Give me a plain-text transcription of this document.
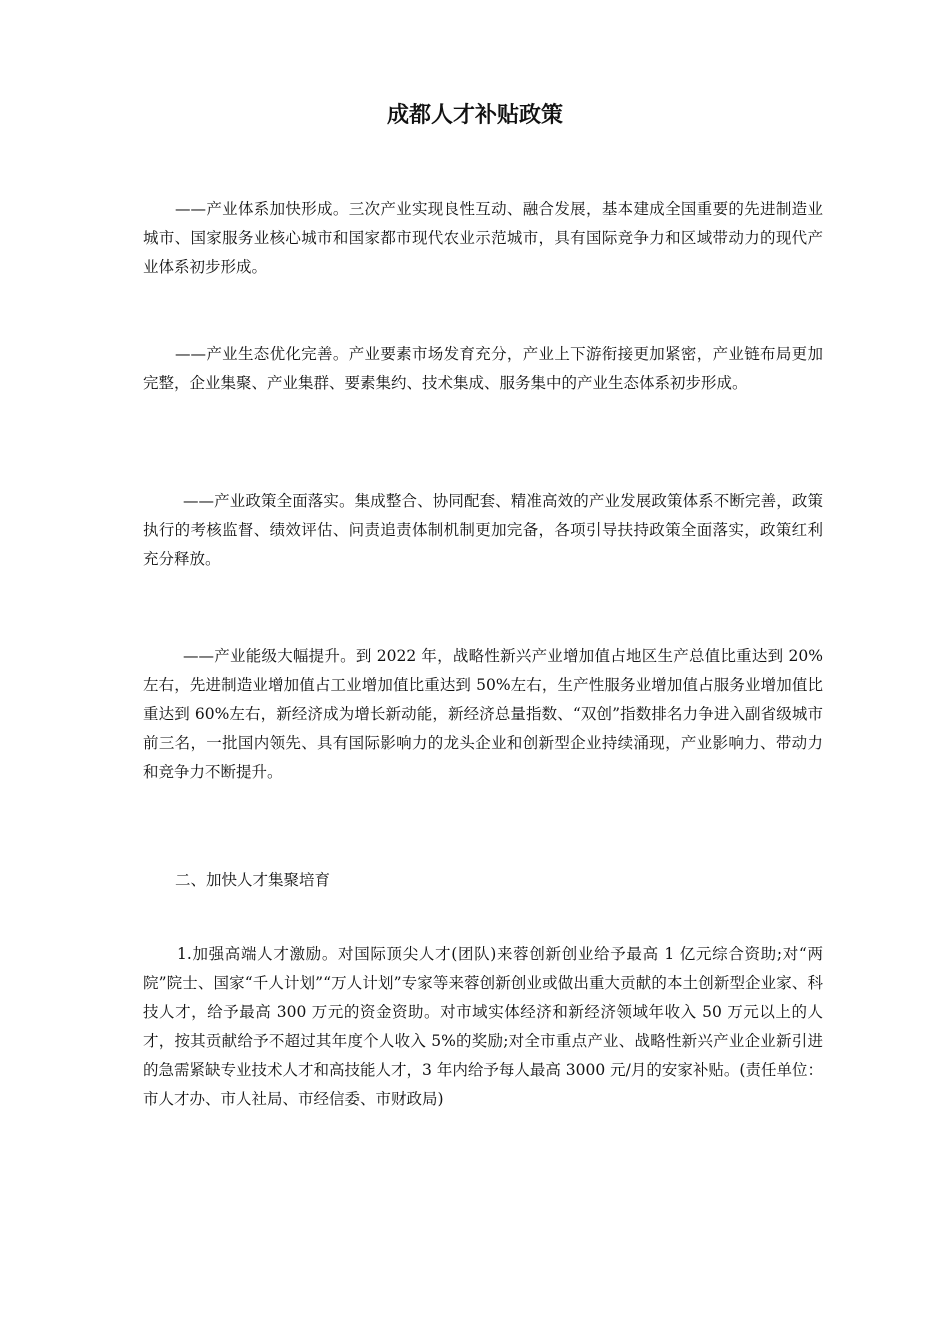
成都人才补贴政策

——产业体系加快形成。三次产业实现良性互动、融合发展，基本建成全国重要的先进制造业城市、国家服务业核心城市和国家都市现代农业示范城市，具有国际竞争力和区域带动力的现代产业体系初步形成。

——产业生态优化完善。产业要素市场发育充分，产业上下游衔接更加紧密，产业链布局更加完整，企业集聚、产业集群、要素集约、技术集成、服务集中的产业生态体系初步形成。

——产业政策全面落实。集成整合、协同配套、精准高效的产业发展政策体系不断完善，政策执行的考核监督、绩效评估、问责追责体制机制更加完备，各项引导扶持政策全面落实，政策红利充分释放。

——产业能级大幅提升。到 2022 年，战略性新兴产业增加值占地区生产总值比重达到 20%左右，先进制造业增加值占工业增加值比重达到 50%左右，生产性服务业增加值占服务业增加值比重达到 60%左右，新经济成为增长新动能，新经济总量指数、“双创”指数排名力争进入副省级城市前三名，一批国内领先、具有国际影响力的龙头企业和创新型企业持续涌现，产业影响力、带动力和竞争力不断提升。

二、加快人才集聚培育

1.加强高端人才激励。对国际顶尖人才(团队)来蓉创新创业给予最高 1 亿元综合资助;对“两院”院士、国家“千人计划”“万人计划”专家等来蓉创新创业或做出重大贡献的本土创新型企业家、科技人才，给予最高 300 万元的资金资助。对市域实体经济和新经济领域年收入 50 万元以上的人才，按其贡献给予不超过其年度个人收入 5%的奖励;对全市重点产业、战略性新兴产业企业新引进的急需紧缺专业技术人才和高技能人才，3 年内给予每人最高 3000 元/月的安家补贴。(责任单位：市人才办、市人社局、市经信委、市财政局)
